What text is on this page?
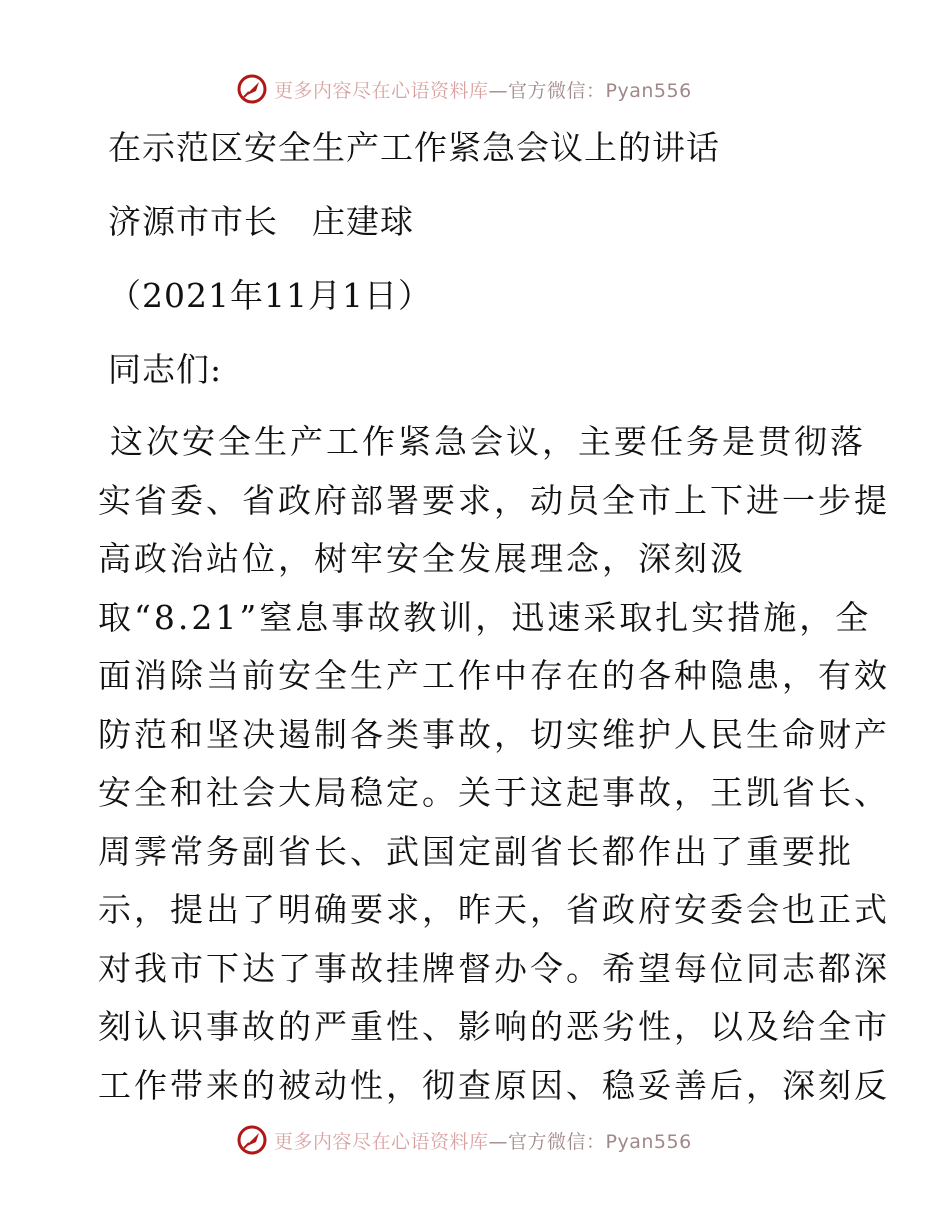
更多内容尽在心语资料库—官方微信：Pyan556
在示范区安全生产工作紧急会议上的讲话
济源市市长　庄建球
（2021年11月1日）
同志们:
这次安全生产工作紧急会议，主要任务是贯彻落
实省委、省政府部署要求，动员全市上下进一步提
高政治站位，树牢安全发展理念，深刻汲
取“8.21”窒息事故教训，迅速采取扎实措施，全
面消除当前安全生产工作中存在的各种隐患，有效
防范和坚决遏制各类事故，切实维护人民生命财产
安全和社会大局稳定。关于这起事故，王凯省长、
周霁常务副省长、武国定副省长都作出了重要批
示，提出了明确要求，昨天，省政府安委会也正式
对我市下达了事故挂牌督办令。希望每位同志都深
刻认识事故的严重性、影响的恶劣性，以及给全市
工作带来的被动性，彻查原因、稳妥善后，深刻反
更多内容尽在心语资料库—官方微信：Pyan556
